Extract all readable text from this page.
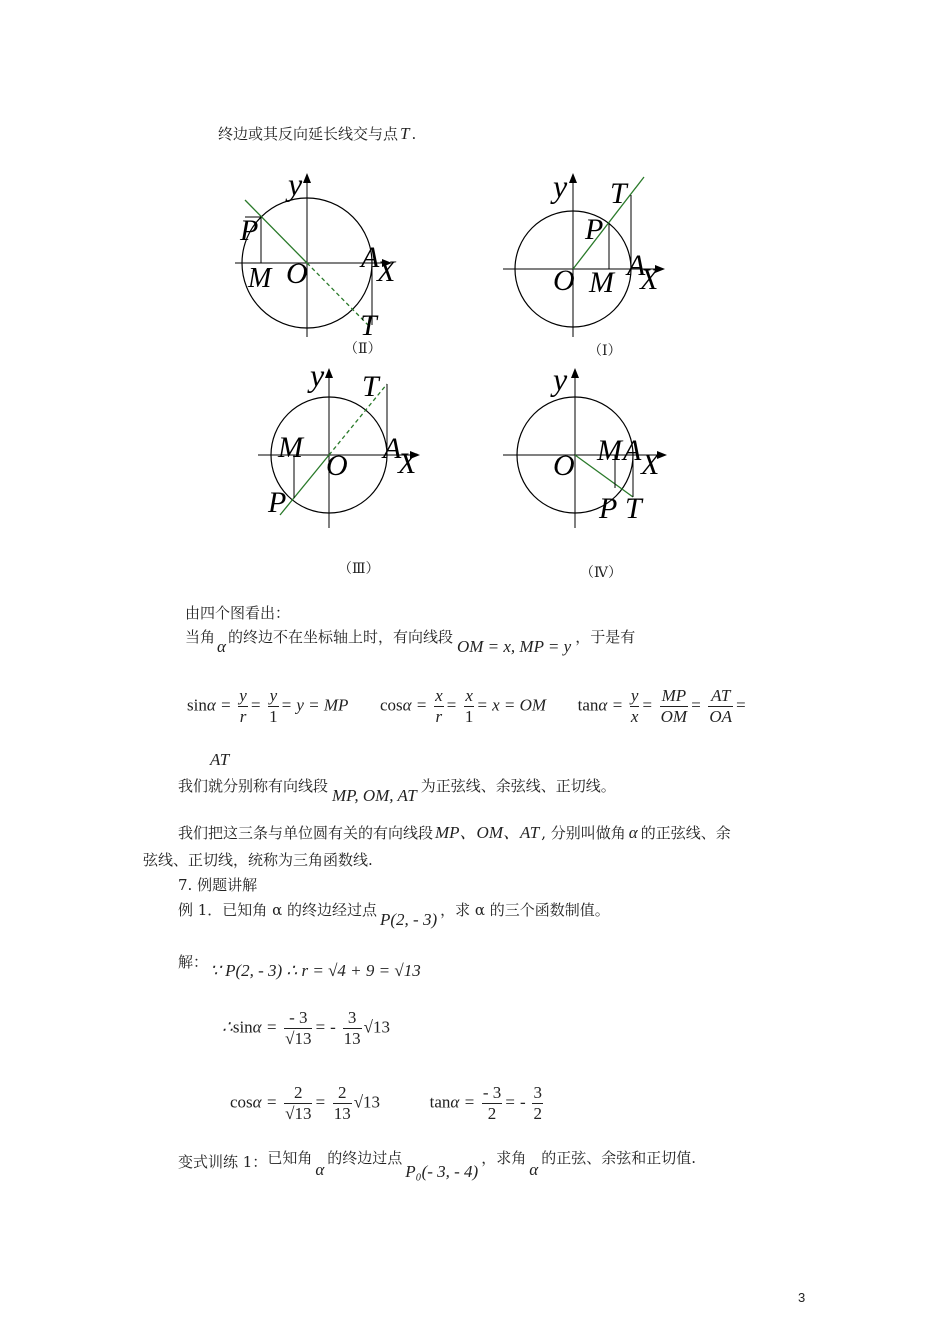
终边或其反向延长线交与点 T .
y
P
M O A
X
T
（Ⅱ）
y T
P
O M
A
X
（Ⅰ）
y T
M
O
A
X
P
（Ⅲ）
y
O M A X
P T
（Ⅳ）
由四个图看出：
当角 α 的终边不在坐标轴上时，有向线段 OM = x, MP = y ，于是有
$\sin\alpha = \frac{y}{r} = \frac{y}{1} = y$ = MP $\cos\alpha = \frac{x}{r} = \frac{x}{1} = x$ = OM $\tan\alpha = \frac{y}{x} = \frac{MP}{OM} = \frac{AT}{OA}$ =
AT
我们就分别称有向线段 MP, OM, AT 为正弦线、余弦线、正切线。
我们把这三条与单位圆有关的有向线段 MP、OM、AT , 分别叫做角 α 的正弦线、余
弦线、正切线，统称为三角函数线.
7. 例题讲解
例 1．已知角 α 的终边经过点 P(2, - 3) ，求 α 的三个函数制值。
解： ∵ P(2, - 3) ∴ r = √4 + 9 = √13
∴sinα = $\frac{- 3}{√13}$ = - $\frac{3}{13} √13$
$\cos\alpha = \frac{2}{√13} = \frac{2}{13} √13$	$\tan\alpha = \frac{- 3}{2}$ = - $\frac{3}{2}$
变式训练 1：已知角α的终边过点P₀(- 3, - 4)，求角α的正弦、余弦和正切值.
3
